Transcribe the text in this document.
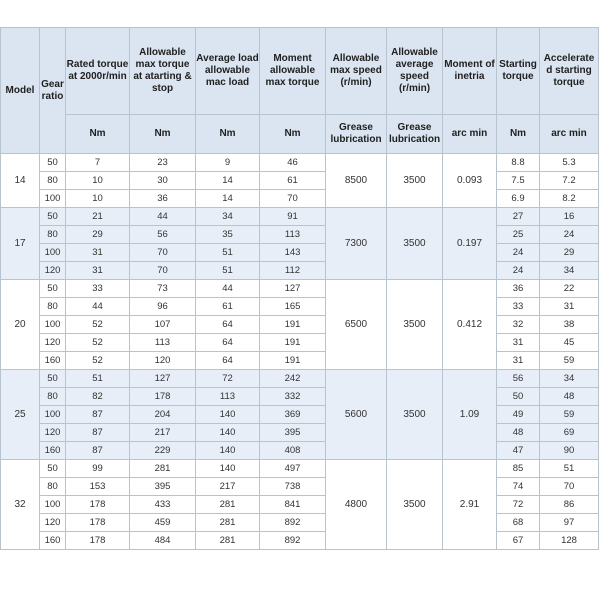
Model	Gear ratio	Rated torque at 2000r/min	Allowable max torque at atarting & stop	Average load allowable mac load	Moment allowable max torque	Allowable max speed (r/min)	Allowable average speed (r/min)	Moment of inetria	Starting torque	Accelerate d starting torque
		Nm	Nm	Nm	Nm	Grease lubrication	Grease lubrication	arc min	Nm	arc min
14	50	7	23	9	46	8500	3500	0.093	8.8	5.3
	80	10	30	14	61				7.5	7.2
	100	10	36	14	70				6.9	8.2
17	50	21	44	34	91	7300	3500	0.197	27	16
	80	29	56	35	113				25	24
	100	31	70	51	143				24	29
	120	31	70	51	112				24	34
20	50	33	73	44	127	6500	3500	0.412	36	22
	80	44	96	61	165				33	31
	100	52	107	64	191				32	38
	120	52	113	64	191				31	45
	160	52	120	64	191				31	59
25	50	51	127	72	242	5600	3500	1.09	56	34
	80	82	178	113	332				50	48
	100	87	204	140	369				49	59
	120	87	217	140	395				48	69
	160	87	229	140	408				47	90
32	50	99	281	140	497	4800	3500	2.91	85	51
	80	153	395	217	738				74	70
	100	178	433	281	841				72	86
	120	178	459	281	892				68	97
	160	178	484	281	892				67	128
